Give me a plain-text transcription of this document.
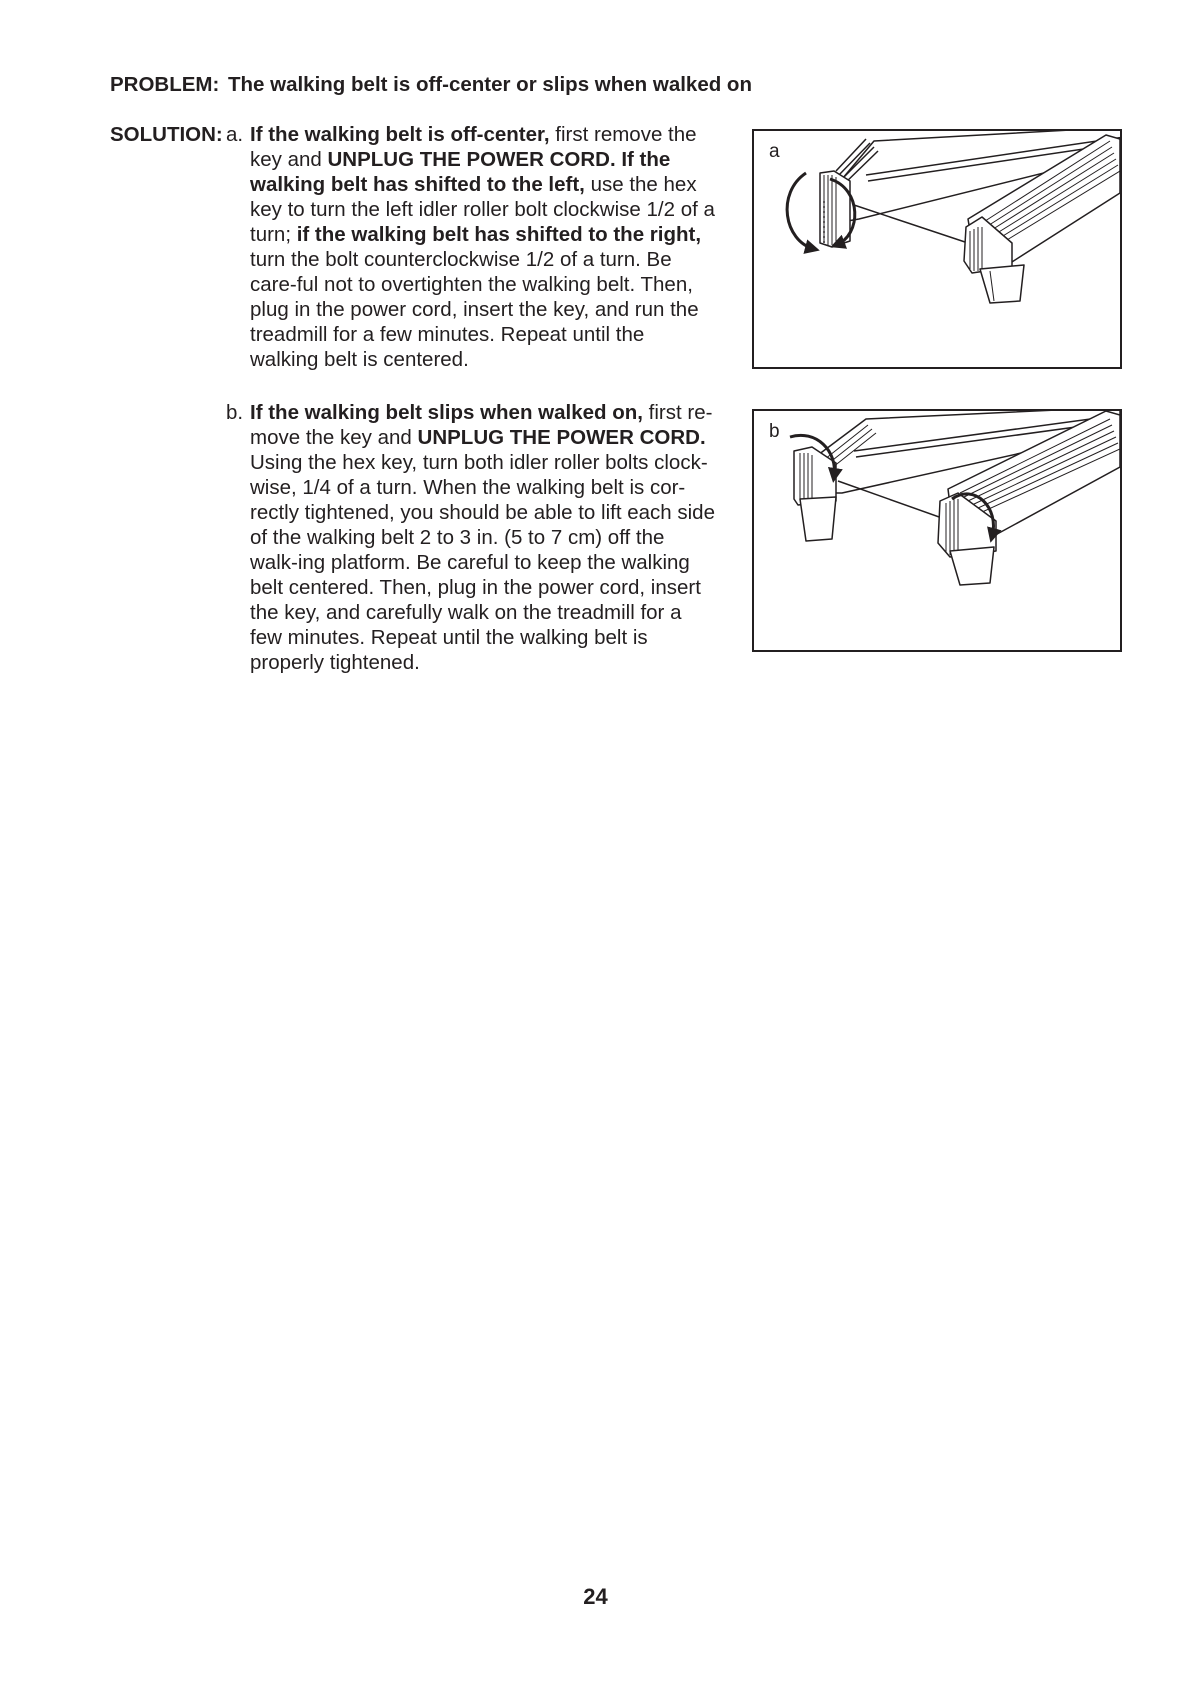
PROBLEM: The walking belt is off-center or slips when walked on
SOLUTION: a. If the walking belt is off-center, first remove the key and UNPLUG THE POWER CORD. If the walking belt has shifted to the left, use the hex key to turn the left idler roller bolt clockwise 1/2 of a turn; if the walking belt has shifted to the right, turn the bolt counterclockwise 1/2 of a turn. Be care-ful not to overtighten the walking belt. Then, plug in the power cord, insert the key, and run the treadmill for a few minutes. Repeat until the walking belt is centered.
b. If the walking belt slips when walked on, first re-move the key and UNPLUG THE POWER CORD. Using the hex key, turn both idler roller bolts clock-wise, 1/4 of a turn. When the walking belt is cor-rectly tightened, you should be able to lift each side of the walking belt 2 to 3 in. (5 to 7 cm) off the walk-ing platform. Be careful to keep the walking belt centered. Then, plug in the power cord, insert the key, and carefully walk on the treadmill for a few minutes. Repeat until the walking belt is properly tightened.
a
b
24
